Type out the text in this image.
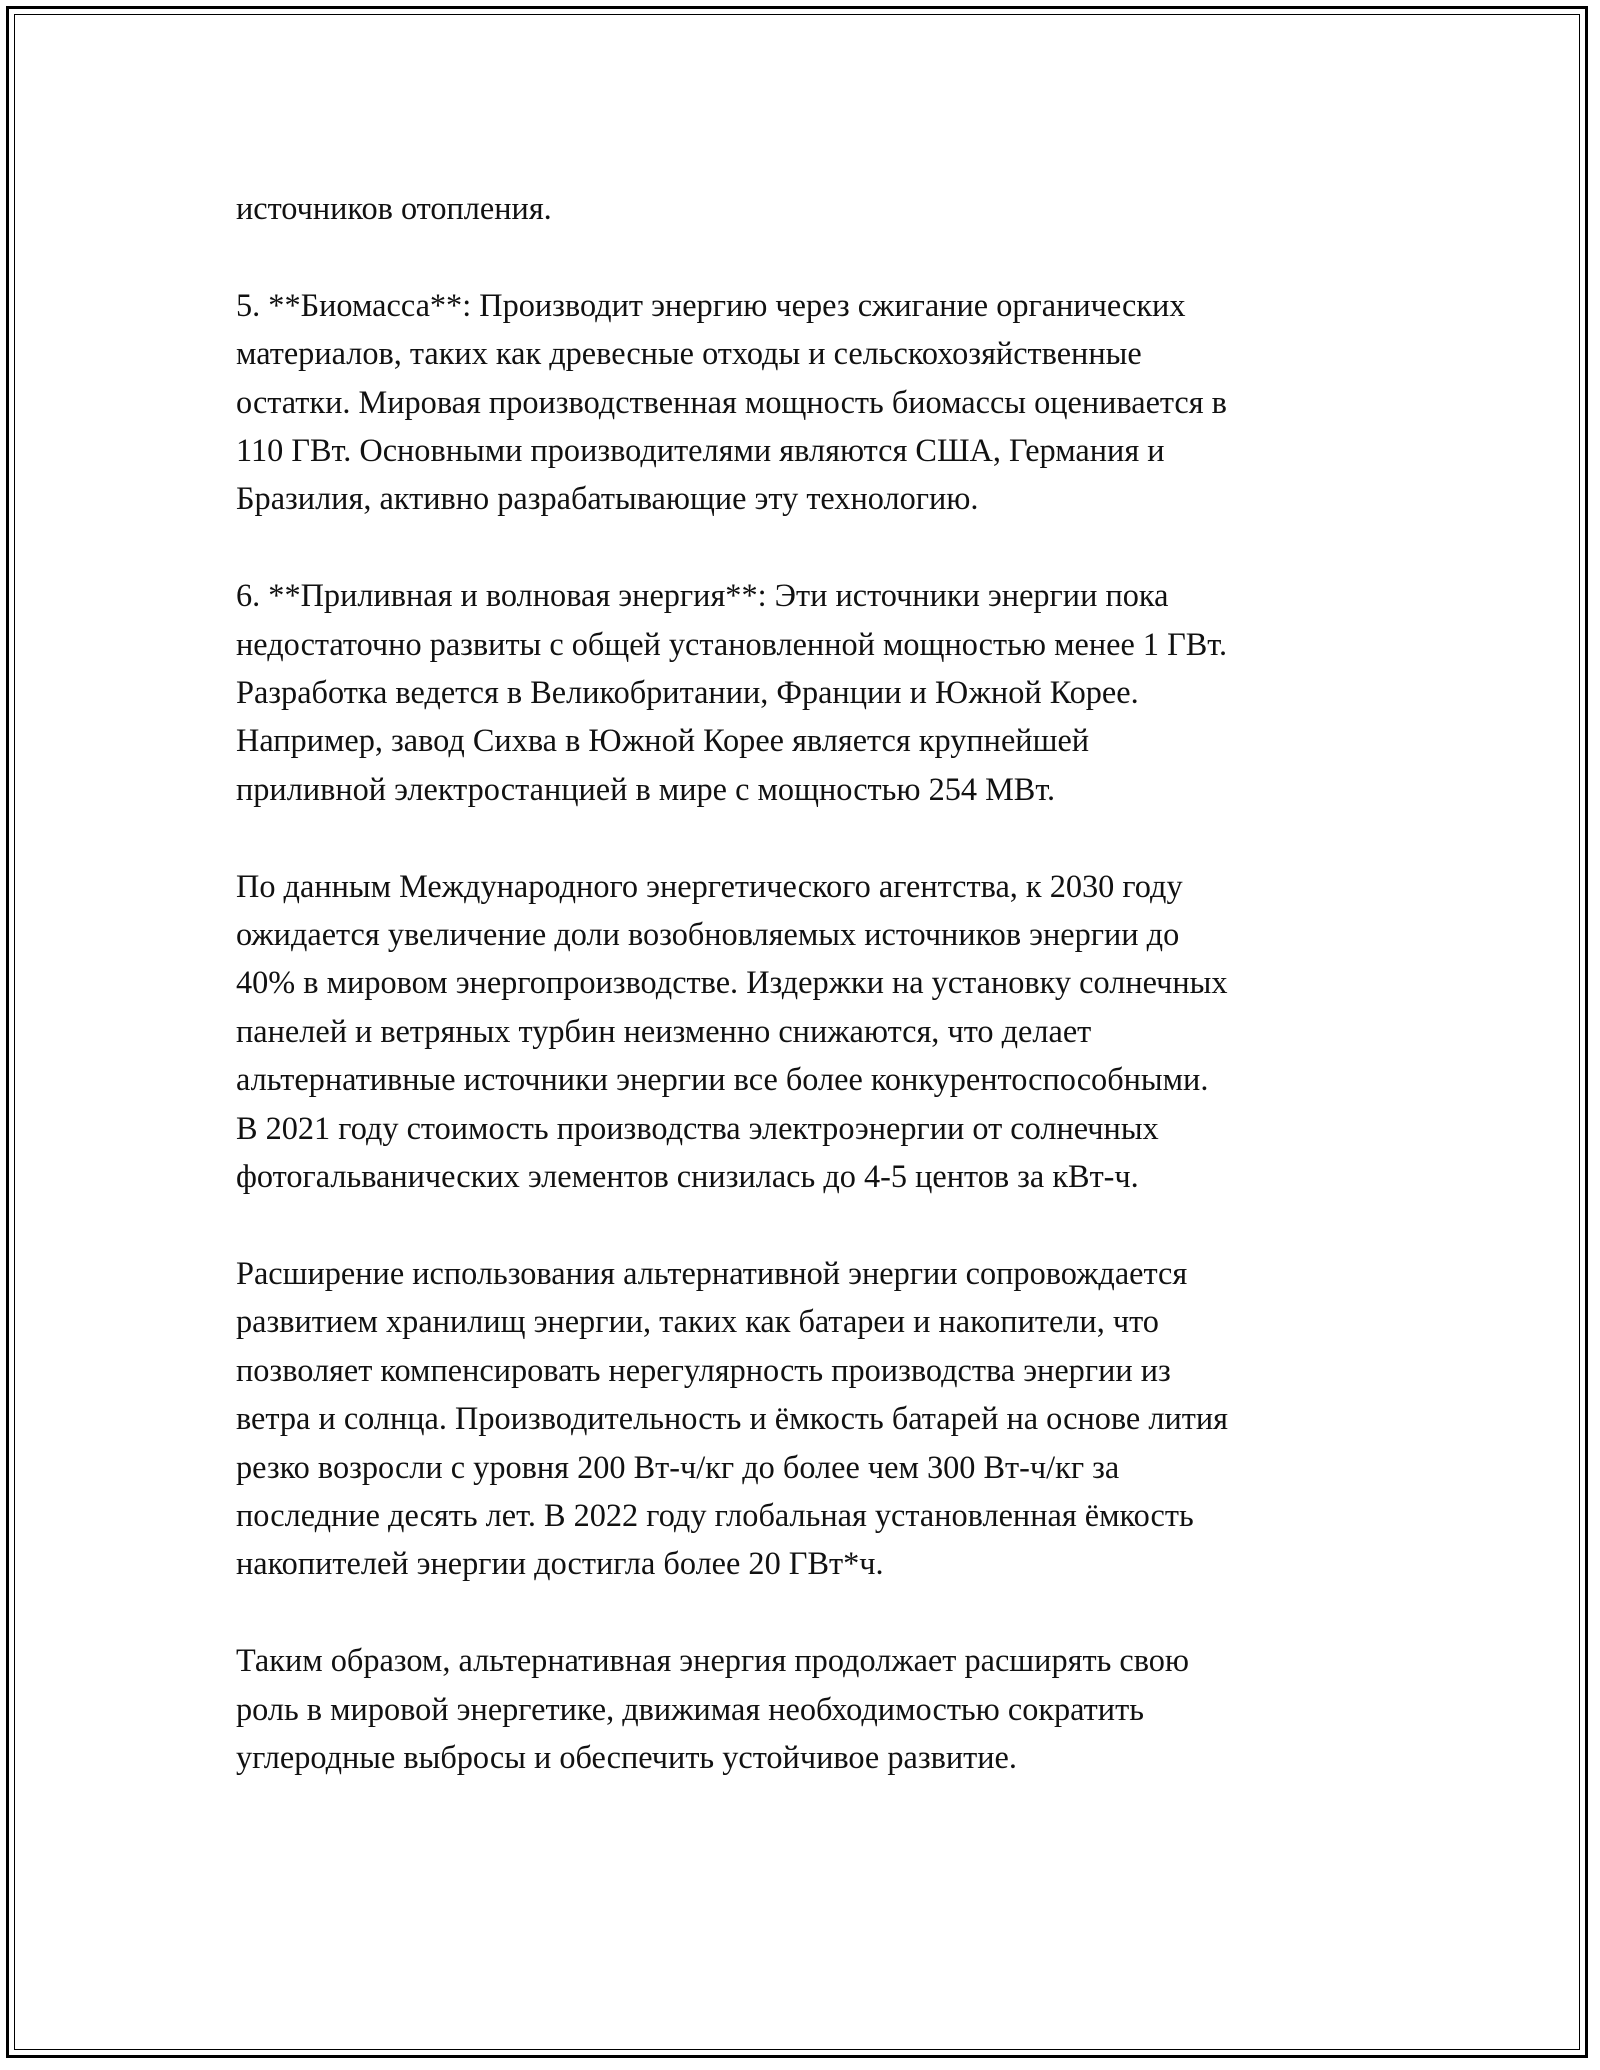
источников отопления.

5. **Биомасса**: Производит энергию через сжигание органических
материалов, таких как древесные отходы и сельскохозяйственные
остатки. Мировая производственная мощность биомассы оценивается в
110 ГВт. Основными производителями являются США, Германия и
Бразилия, активно разрабатывающие эту технологию.

6. **Приливная и волновая энергия**: Эти источники энергии пока
недостаточно развиты с общей установленной мощностью менее 1 ГВт.
Разработка ведется в Великобритании, Франции и Южной Корее.
Например, завод Сихва в Южной Корее является крупнейшей
приливной электростанцией в мире с мощностью 254 МВт.

По данным Международного энергетического агентства, к 2030 году
ожидается увеличение доли возобновляемых источников энергии до
40% в мировом энергопроизводстве. Издержки на установку солнечных
панелей и ветряных турбин неизменно снижаются, что делает
альтернативные источники энергии все более конкурентоспособными.
В 2021 году стоимость производства электроэнергии от солнечных
фотогальванических элементов снизилась до 4-5 центов за кВт-ч.

Расширение использования альтернативной энергии сопровождается
развитием хранилищ энергии, таких как батареи и накопители, что
позволяет компенсировать нерегулярность производства энергии из
ветра и солнца. Производительность и ёмкость батарей на основе лития
резко возросли с уровня 200 Вт-ч/кг до более чем 300 Вт-ч/кг за
последние десять лет. В 2022 году глобальная установленная ёмкость
накопителей энергии достигла более 20 ГВт*ч.

Таким образом, альтернативная энергия продолжает расширять свою
роль в мировой энергетике, движимая необходимостью сократить
углеродные выбросы и обеспечить устойчивое развитие.
